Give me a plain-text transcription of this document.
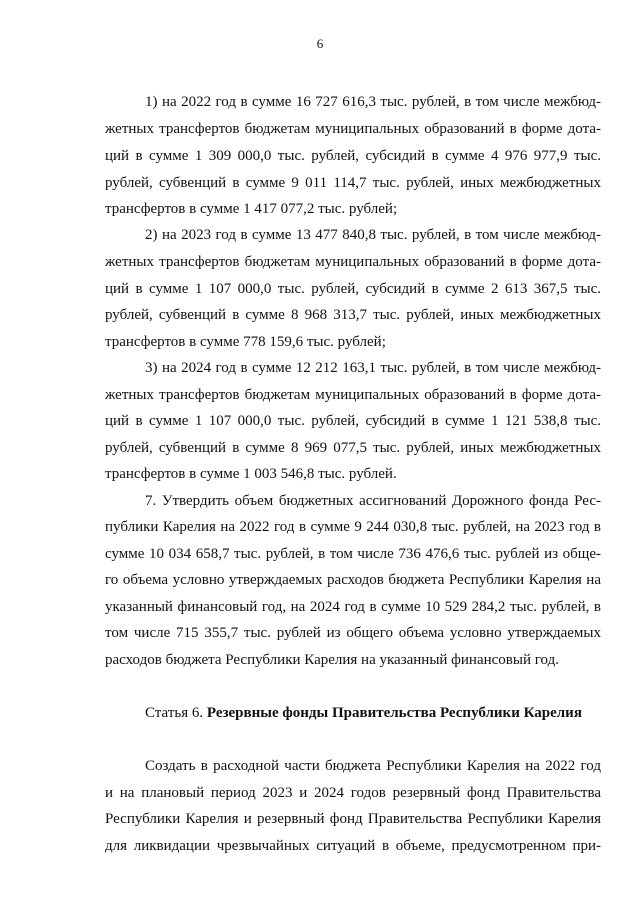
6
1) на 2022 год в сумме 16 727 616,3 тыс. рублей, в том числе межбюд-
жетных трансфертов бюджетам муниципальных образований в форме дота-
ций в сумме 1 309 000,0 тыс. рублей, субсидий в сумме 4 976 977,9 тыс.
рублей, субвенций в сумме 9 011 114,7 тыс. рублей, иных межбюджетных
трансфертов в сумме 1 417 077,2 тыс. рублей;
2) на 2023 год в сумме 13 477 840,8 тыс. рублей, в том числе межбюд-
жетных трансфертов бюджетам муниципальных образований в форме дота-
ций в сумме 1 107 000,0 тыс. рублей, субсидий в сумме 2 613 367,5 тыс.
рублей, субвенций в сумме 8 968 313,7 тыс. рублей, иных межбюджетных
трансфертов в сумме 778 159,6 тыс. рублей;
3) на 2024 год в сумме 12 212 163,1 тыс. рублей, в том числе межбюд-
жетных трансфертов бюджетам муниципальных образований в форме дота-
ций в сумме 1 107 000,0 тыс. рублей, субсидий в сумме 1 121 538,8 тыс.
рублей, субвенций в сумме 8 969 077,5 тыс. рублей, иных межбюджетных
трансфертов в сумме 1 003 546,8 тыс. рублей.
7. Утвердить объем бюджетных ассигнований Дорожного фонда Рес-
публики Карелия на 2022 год в сумме 9 244 030,8 тыс. рублей, на 2023 год в
сумме 10 034 658,7 тыс. рублей, в том числе 736 476,6 тыс. рублей из обще-
го объема условно утверждаемых расходов бюджета Республики Карелия на
указанный финансовый год, на 2024 год в сумме 10 529 284,2 тыс. рублей, в
том числе 715 355,7 тыс. рублей из общего объема условно утверждаемых
расходов бюджета Республики Карелия на указанный финансовый год.
Создать в расходной части бюджета Республики Карелия на 2022 год
и на плановый период 2023 и 2024 годов резервный фонд Правительства
Республики Карелия и резервный фонд Правительства Республики Карелия
для ликвидации чрезвычайных ситуаций в объеме, предусмотренном при-
Статья 6. Резервные фонды Правительства Республики Карелия
